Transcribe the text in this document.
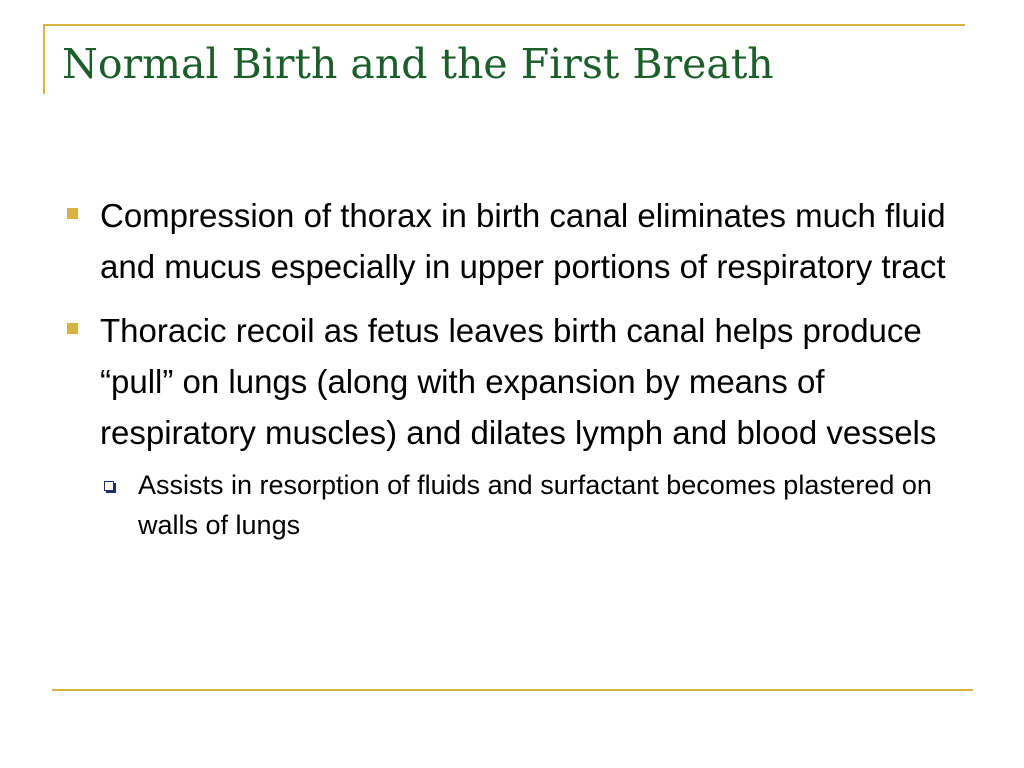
Normal Birth and the First Breath
Compression of thorax in birth canal eliminates much fluid and mucus especially in upper portions of respiratory tract
Thoracic recoil as fetus leaves birth canal helps produce “pull” on lungs (along with expansion by means of respiratory muscles) and dilates lymph and blood vessels
Assists in resorption of fluids and surfactant becomes plastered on walls of lungs
